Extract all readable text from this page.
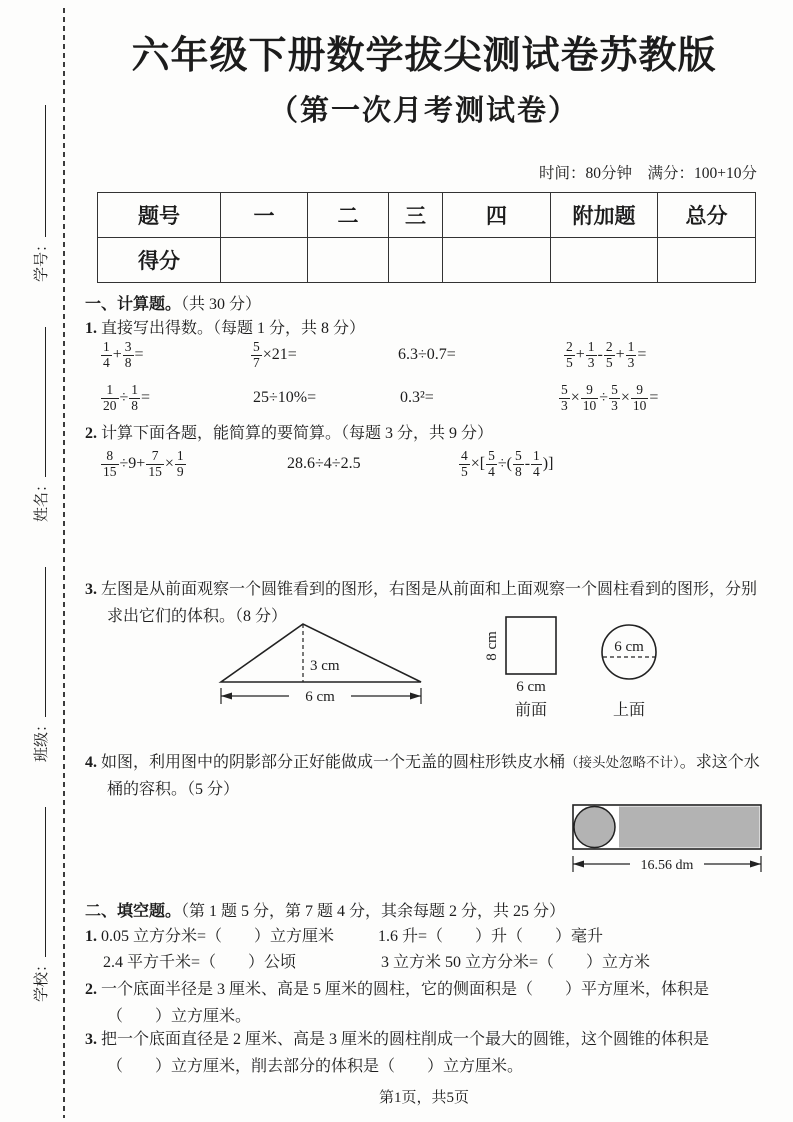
学校：
班级：
姓名：
学号：
六年级下册数学拔尖测试卷苏教版
（第一次月考测试卷）
时间：80分钟　满分：100+10分
题号	一	二	三	四	附加题	总分
得分						
一、计算题。（共 30 分）
1. 直接写出得数。（每题 1 分，共 8 分）
$\frac{1}{4} + \frac{3}{8}$ =	$\frac{5}{7} \times 21=$	6.3÷0.7=	$\frac{2}{5} + \frac{1}{3} - \frac{2}{5} + \frac{1}{3}$ =
$\frac{1}{20} \div \frac{1}{8}$ =	25÷10%=	0.3²=	$\frac{5}{3} \times \frac{9}{10} \div \frac{5}{3} \times \frac{9}{10}$ =
2. 计算下面各题，能简算的要简算。（每题 3 分，共 9 分）
$\frac{8}{15} \div 9+ \frac{7}{15} \times \frac{1}{9}$	28.6÷4÷2.5	$\frac{4}{5}$ ×[ $\frac{5}{4}$ ÷( $\frac{5}{8} - \frac{1}{4}$ )]

3. 左图是从前面观察一个圆锥看到的图形，右图是从前面和上面观察一个圆柱看到的图形，分别求出它们的体积。（8 分）

3 cm
6 cm
8 cm
6 cm
前面
6 cm
上面

4. 如图，利用图中的阴影部分正好能做成一个无盖的圆柱形铁皮水桶（接头处忽略不计）。求这个水桶的容积。（5 分）

16.56 dm
二、填空题。（第 1 题 5 分，第 7 题 4 分，其余每题 2 分，共 25 分）
1. 0.05 立方分米=（　　）立方厘米	1.6 升=（　　）升（　　）毫升
2.4 平方千米=（　　）公顷	3 立方米 50 立方分米=（　　）立方米

2. 一个底面半径是 3 厘米、高是 5 厘米的圆柱，它的侧面积是（　　）平方厘米，体积是（　　）立方厘米。

3. 把一个底面直径是 2 厘米、高是 3 厘米的圆柱削成一个最大的圆锥，这个圆锥的体积是（　　）立方厘米，削去部分的体积是（　　）立方厘米。

第1页，共5页
